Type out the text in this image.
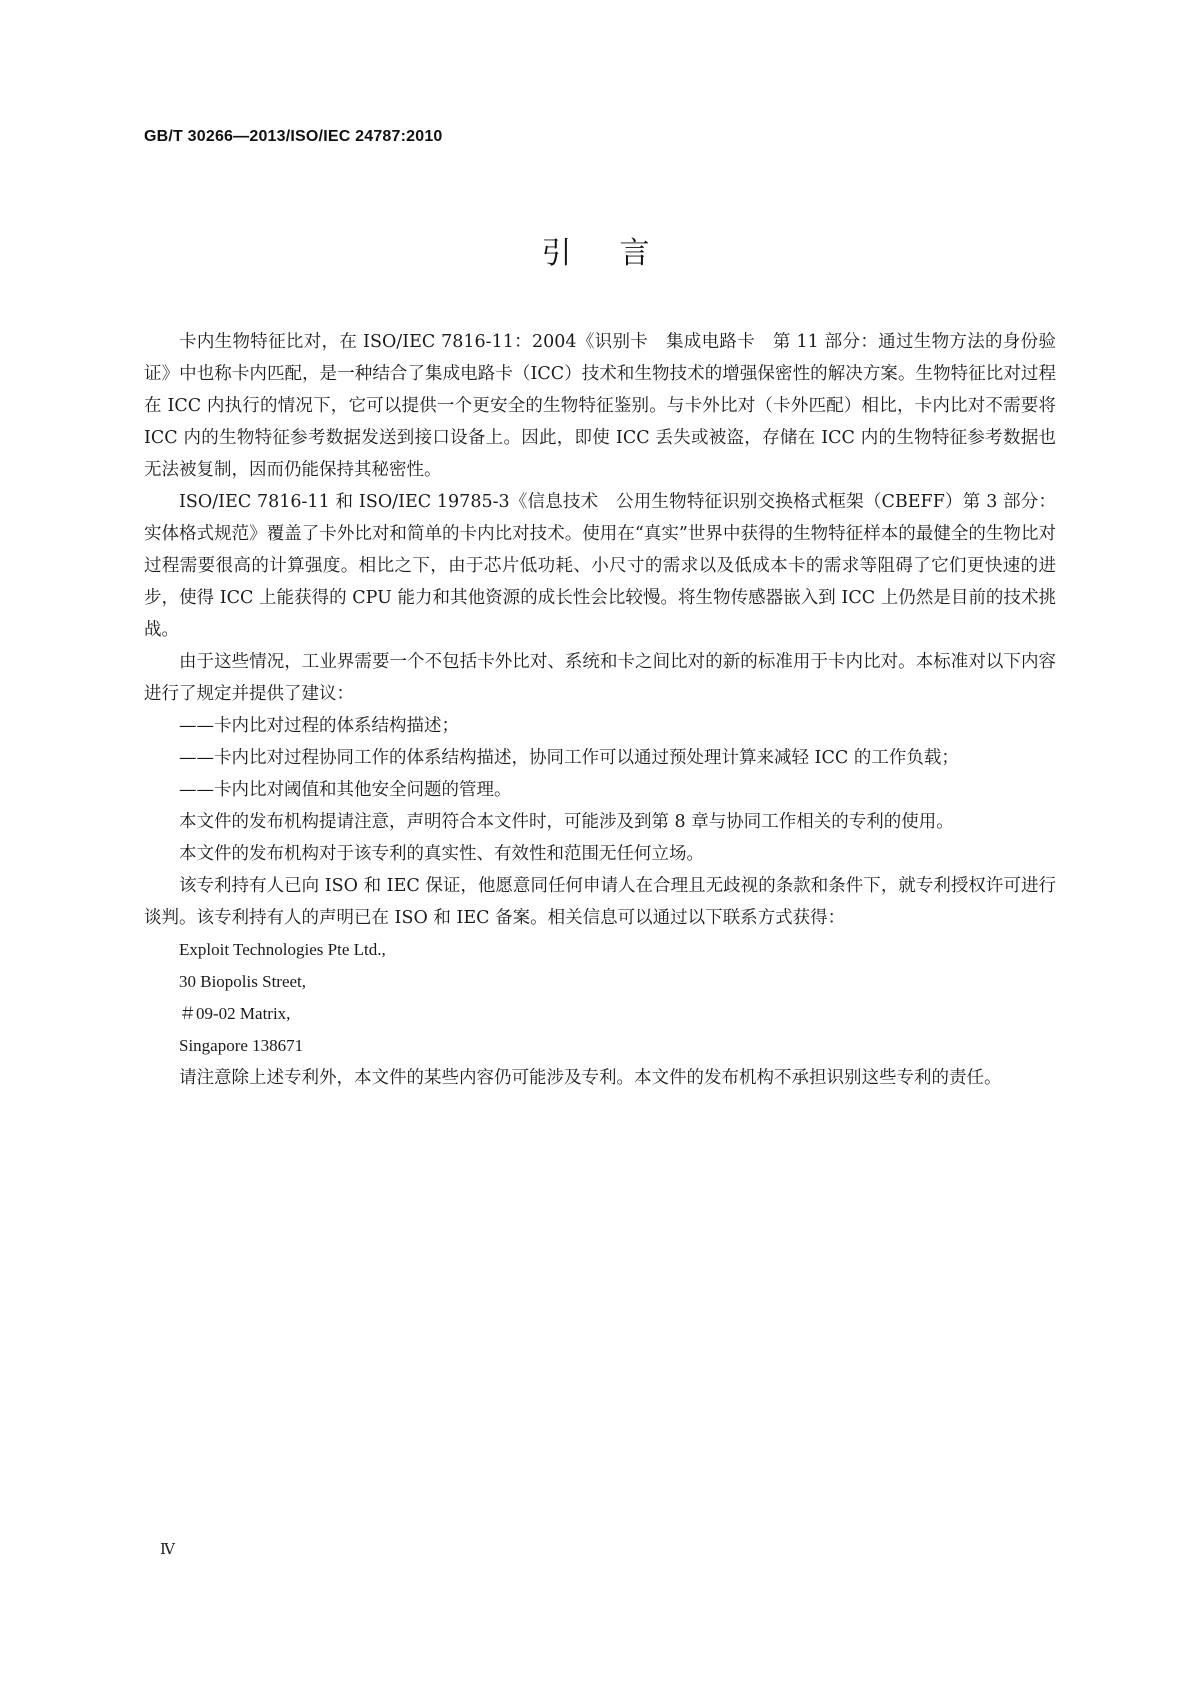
GB/T 30266—2013/ISO/IEC 24787:2010
引言

卡内生物特征比对，在 ISO/IEC 7816-11：2004《识别卡　集成电路卡　第 11 部分：通过生物方法的身份验证》中也称卡内匹配，是一种结合了集成电路卡（ICC）技术和生物技术的增强保密性的解决方案。生物特征比对过程在 ICC 内执行的情况下，它可以提供一个更安全的生物特征鉴别。与卡外比对（卡外匹配）相比，卡内比对不需要将 ICC 内的生物特征参考数据发送到接口设备上。因此，即使 ICC 丢失或被盗，存储在 ICC 内的生物特征参考数据也无法被复制，因而仍能保持其秘密性。

ISO/IEC 7816-11 和 ISO/IEC 19785-3《信息技术　公用生物特征识别交换格式框架（CBEFF）第 3 部分：实体格式规范》覆盖了卡外比对和简单的卡内比对技术。使用在“真实”世界中获得的生物特征样本的最健全的生物比对过程需要很高的计算强度。相比之下，由于芯片低功耗、小尺寸的需求以及低成本卡的需求等阻碍了它们更快速的进步，使得 ICC 上能获得的 CPU 能力和其他资源的成长性会比较慢。将生物传感器嵌入到 ICC 上仍然是目前的技术挑战。

由于这些情况，工业界需要一个不包括卡外比对、系统和卡之间比对的新的标准用于卡内比对。本标准对以下内容进行了规定并提供了建议：

——卡内比对过程的体系结构描述；
——卡内比对过程协同工作的体系结构描述，协同工作可以通过预处理计算来减轻 ICC 的工作负载；
——卡内比对阈值和其他安全问题的管理。

本文件的发布机构提请注意，声明符合本文件时，可能涉及到第 8 章与协同工作相关的专利的使用。

本文件的发布机构对于该专利的真实性、有效性和范围无任何立场。

该专利持有人已向 ISO 和 IEC 保证，他愿意同任何申请人在合理且无歧视的条款和条件下，就专利授权许可进行谈判。该专利持有人的声明已在 ISO 和 IEC 备案。相关信息可以通过以下联系方式获得：

Exploit Technologies Pte Ltd.,
30 Biopolis Street,
＃09-02 Matrix,
Singapore 138671

请注意除上述专利外，本文件的某些内容仍可能涉及专利。本文件的发布机构不承担识别这些专利的责任。

Ⅳ
